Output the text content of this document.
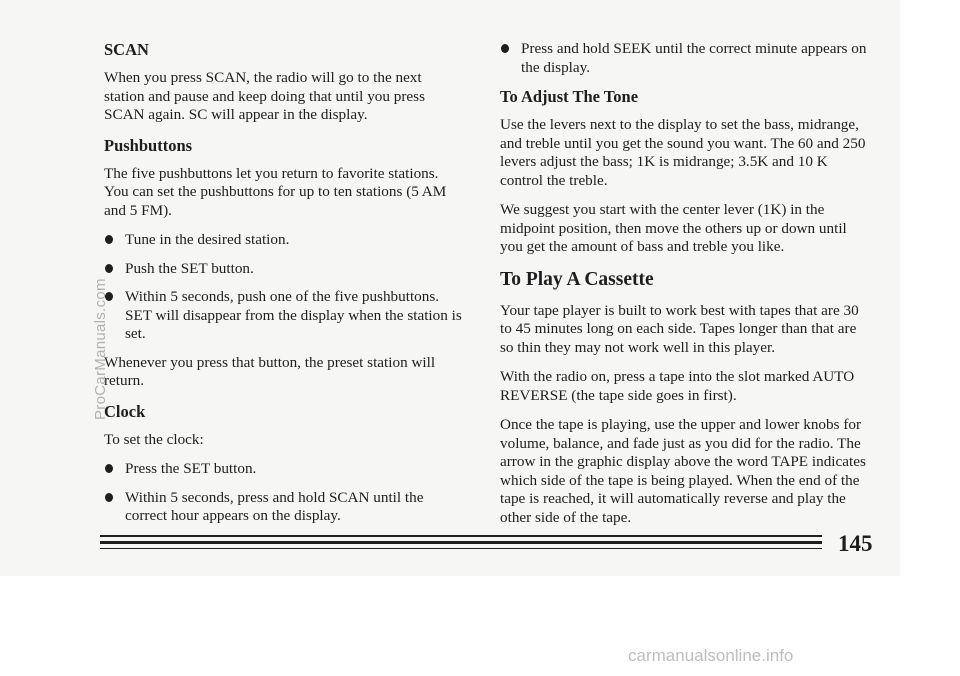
SCAN

When you press SCAN, the radio will go to the next station and pause and keep doing that until you press SCAN again. SC will appear in the display.

Pushbuttons

The five pushbuttons let you return to favorite stations. You can set the pushbuttons for up to ten stations (5 AM and 5 FM).

Tune in the desired station.
Push the SET button.
Within 5 seconds, push one of the five pushbuttons. SET will disappear from the display when the station is set.

Whenever you press that button, the preset station will return.

Clock

To set the clock:

Press the SET button.
Within 5 seconds, press and hold SCAN until the correct hour appears on the display.
Press and hold SEEK until the correct minute appears on the display.
To Adjust The Tone

Use the levers next to the display to set the bass, midrange, and treble until you get the sound you want. The 60 and 250 levers adjust the bass; 1K is midrange; 3.5K and 10 K control the treble.

We suggest you start with the center lever (1K) in the midpoint position, then move the others up or down until you get the amount of bass and treble you like.

To Play A Cassette

Your tape player is built to work best with tapes that are 30 to 45 minutes long on each side. Tapes longer than that are so thin they may not work well in this player.

With the radio on, press a tape into the slot marked AUTO REVERSE (the tape side goes in first).

Once the tape is playing, use the upper and lower knobs for volume, balance, and fade just as you did for the radio. The arrow in the graphic display above the word TAPE indicates which side of the tape is being played. When the end of the tape is reached, it will automatically reverse and play the other side of the tape.

145
ProCarManuals.com
carmanualsonline.info
